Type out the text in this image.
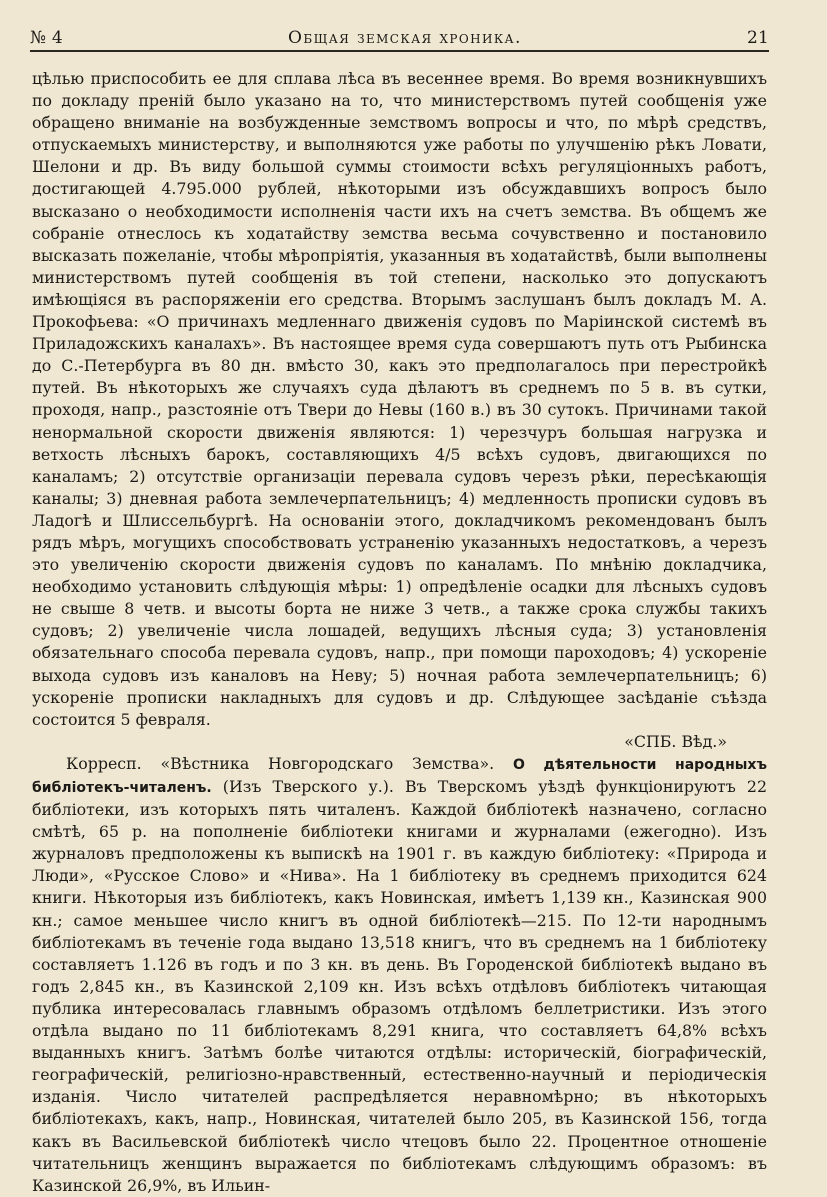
№ 4	Общая земская хроника.	21

цѣлью приспособить ее для сплава лѣса въ весеннее время. Во время возникнувшихъ по докладу преній было указано на то, что министерствомъ путей сообщенія уже обращено вниманіе на возбужденные земствомъ вопросы и что, по мѣрѣ средствъ, отпускаемыхъ министерству, и выполняются уже работы по улучшенію рѣкъ Ловати, Шелони и др. Въ виду большой суммы стоимости всѣхъ регуляціонныхъ работъ, достигающей 4.795.000 рублей, нѣкоторыми изъ обсуждавшихъ вопросъ было высказано о необходимости исполненія части ихъ на счетъ земства. Въ общемъ же собраніе отнеслось къ ходатайству земства весьма сочувственно и постановило высказать пожеланіе, чтобы мѣропріятія, указанныя въ ходатайствѣ, были выполнены министерствомъ путей сообщенія въ той степени, насколько это допускаютъ имѣющіяся въ распоряженіи его средства. Вторымъ заслушанъ былъ докладъ М. А. Прокофьева: «О причинахъ медленнаго движенія судовъ по Маріинской системѣ въ Приладожскихъ каналахъ». Въ настоящее время суда совершаютъ путь отъ Рыбинска до С.-Петербурга въ 80 дн. вмѣсто 30, какъ это предполагалось при перестройкѣ путей. Въ нѣкоторыхъ же случаяхъ суда дѣлаютъ въ среднемъ по 5 в. въ сутки, проходя, напр., разстояніе отъ Твери до Невы (160 в.) въ 30 сутокъ. Причинами такой ненормальной скорости движенія являются: 1) черезчуръ большая нагрузка и ветхость лѣсныхъ барокъ, составляющихъ 4/5 всѣхъ судовъ, двигающихся по каналамъ; 2) отсутствіе организаціи перевала судовъ черезъ рѣки, пересѣкающія каналы; 3) дневная работа землечерпательницъ; 4) медленность прописки судовъ въ Ладогѣ и Шлиссельбургѣ. На основаніи этого, докладчикомъ рекомендованъ былъ рядъ мѣръ, могущихъ способствовать устраненію указанныхъ недостатковъ, а черезъ это увеличенію скорости движенія судовъ по каналамъ. По мнѣнію докладчика, необходимо установить слѣдующія мѣры: 1) опредѣленіе осадки для лѣсныхъ судовъ не свыше 8 четв. и высоты борта не ниже 3 четв., а также срока службы такихъ судовъ; 2) увеличеніе числа лошадей, ведущихъ лѣсныя суда; 3) установленія обязательнаго способа перевала судовъ, напр., при помощи пароходовъ; 4) ускореніе выхода судовъ изъ каналовъ на Неву; 5) ночная работа землечерпательницъ; 6) ускореніе прописки накладныхъ для судовъ и др. Слѣдующее засѣданіе съѣзда состоится 5 февраля.

«СПБ. Вѣд.»

Корресп. «Вѣстника Новгородскаго Земства». О дѣятельности народныхъ библіотекъ-читаленъ. (Изъ Тверского у.). Въ Тверскомъ уѣздѣ функціонируютъ 22 библіотеки, изъ которыхъ пять читаленъ. Каждой библіотекѣ назначено, согласно смѣтѣ, 65 р. на пополненіе библіотеки книгами и журналами (ежегодно). Изъ журналовъ предположены къ выпискѣ на 1901 г. въ каждую библіотеку: «Природа и Люди», «Русское Слово» и «Нива». На 1 библіотеку въ среднемъ приходится 624 книги. Нѣкоторыя изъ библіотекъ, какъ Новинская, имѣетъ 1,139 кн., Казинская 900 кн.; самое меньшее число книгъ въ одной библіотекѣ—215. По 12-ти народнымъ библіотекамъ въ теченіе года выдано 13,518 книгъ, что въ среднемъ на 1 библіотеку составляетъ 1.126 въ годъ и по 3 кн. въ день. Въ Городенской библіотекѣ выдано въ годъ 2,845 кн., въ Казинской 2,109 кн. Изъ всѣхъ отдѣловъ библіотекъ читающая публика интересовалась главнымъ образомъ отдѣломъ беллетристики. Изъ этого отдѣла выдано по 11 библіотекамъ 8,291 книга, что составляетъ 64,8% всѣхъ выданныхъ книгъ. Затѣмъ болѣе читаются отдѣлы: историческій, біографическій, географическій, религіозно-нравственный, естественно-научный и періодическія изданія. Число читателей распредѣляется неравномѣрно; въ нѣкоторыхъ библіотекахъ, какъ, напр., Новинская, читателей было 205, въ Казинской 156, тогда какъ въ Васильевской библіотекѣ число чтецовъ было 22. Процентное отношеніе читательницъ женщинъ выражается по библіотекамъ слѣдующимъ образомъ: въ Казинской 26,9%, въ Ильин-
